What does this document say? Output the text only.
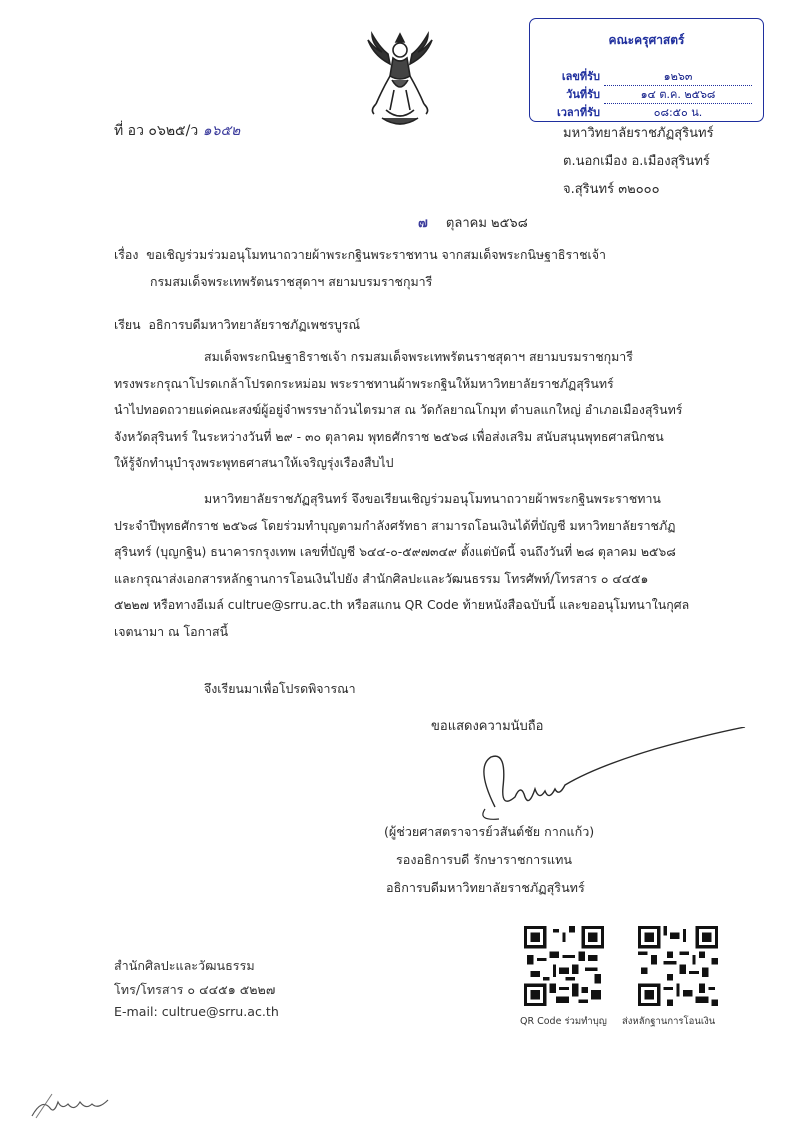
คณะครุศาสตร์
เลขที่รับ	๑๒๖๓
วันที่รับ	๑๔ ต.ค. ๒๕๖๘
เวลาที่รับ	๐๘:๕๐ น.
ที่ อว ๐๖๒๕/ว ๑๖๕๒	มหาวิทยาลัยราชภัฏสุรินทร์
ต.นอกเมือง อ.เมืองสุรินทร์
จ.สุรินทร์ ๓๒๐๐๐
๗ ตุลาคม ๒๕๖๘
เรื่อง ขอเชิญร่วมร่วมอนุโมทนาถวายผ้าพระกฐินพระราชทาน จากสมเด็จพระกนิษฐาธิราชเจ้า
กรมสมเด็จพระเทพรัตนราชสุดาฯ สยามบรมราชกุมารี
เรียน อธิการบดีมหาวิทยาลัยราชภัฏเพชรบูรณ์
สมเด็จพระกนิษฐาธิราชเจ้า กรมสมเด็จพระเทพรัตนราชสุดาฯ สยามบรมราชกุมารี
ทรงพระกรุณาโปรดเกล้าโปรดกระหม่อม พระราชทานผ้าพระกฐินให้มหาวิทยาลัยราชภัฏสุรินทร์
นำไปทอดถวายแด่คณะสงฆ์ผู้อยู่จำพรรษาถ้วนไตรมาส ณ วัดกัลยาณโกมุท ตำบลแกใหญ่ อำเภอเมืองสุรินทร์
จังหวัดสุรินทร์ ในระหว่างวันที่ ๒๙ - ๓๐ ตุลาคม พุทธศักราช ๒๕๖๘ เพื่อส่งเสริม สนับสนุนพุทธศาสนิกชน
ให้รู้จักทำนุบำรุงพระพุทธศาสนาให้เจริญรุ่งเรืองสืบไป
มหาวิทยาลัยราชภัฏสุรินทร์ จึงขอเรียนเชิญร่วมอนุโมทนาถวายผ้าพระกฐินพระราชทาน
ประจำปีพุทธศักราช ๒๕๖๘ โดยร่วมทำบุญตามกำลังศรัทธา สามารถโอนเงินได้ที่บัญชี มหาวิทยาลัยราชภัฏ
สุรินทร์ (บุญกฐิน) ธนาคารกรุงเทพ เลขที่บัญชี ๖๔๔-๐-๕๙๗๓๔๙ ตั้งแต่บัดนี้ จนถึงวันที่ ๒๘ ตุลาคม ๒๕๖๘
และกรุณาส่งเอกสารหลักฐานการโอนเงินไปยัง สำนักศิลปะและวัฒนธรรม โทรศัพท์/โทรสาร ๐ ๔๔๕๑
๕๒๒๗ หรือทางอีเมล์ cultrue@srru.ac.th หรือสแกน QR Code ท้ายหนังสือฉบับนี้ และขออนุโมทนาในกุศล
เจตนามา ณ โอกาสนี้
จึงเรียนมาเพื่อโปรดพิจารณา
ขอแสดงความนับถือ
(ผู้ช่วยศาสตราจารย์วสันต์ชัย กากแก้ว)
รองอธิการบดี รักษาราชการแทน
อธิการบดีมหาวิทยาลัยราชภัฏสุรินทร์
สำนักศิลปะและวัฒนธรรม
โทร/โทรสาร ๐ ๔๔๕๑ ๕๒๒๗
E-mail: cultrue@srru.ac.th
QR Code ร่วมทำบุญ ส่งหลักฐานการโอนเงิน
